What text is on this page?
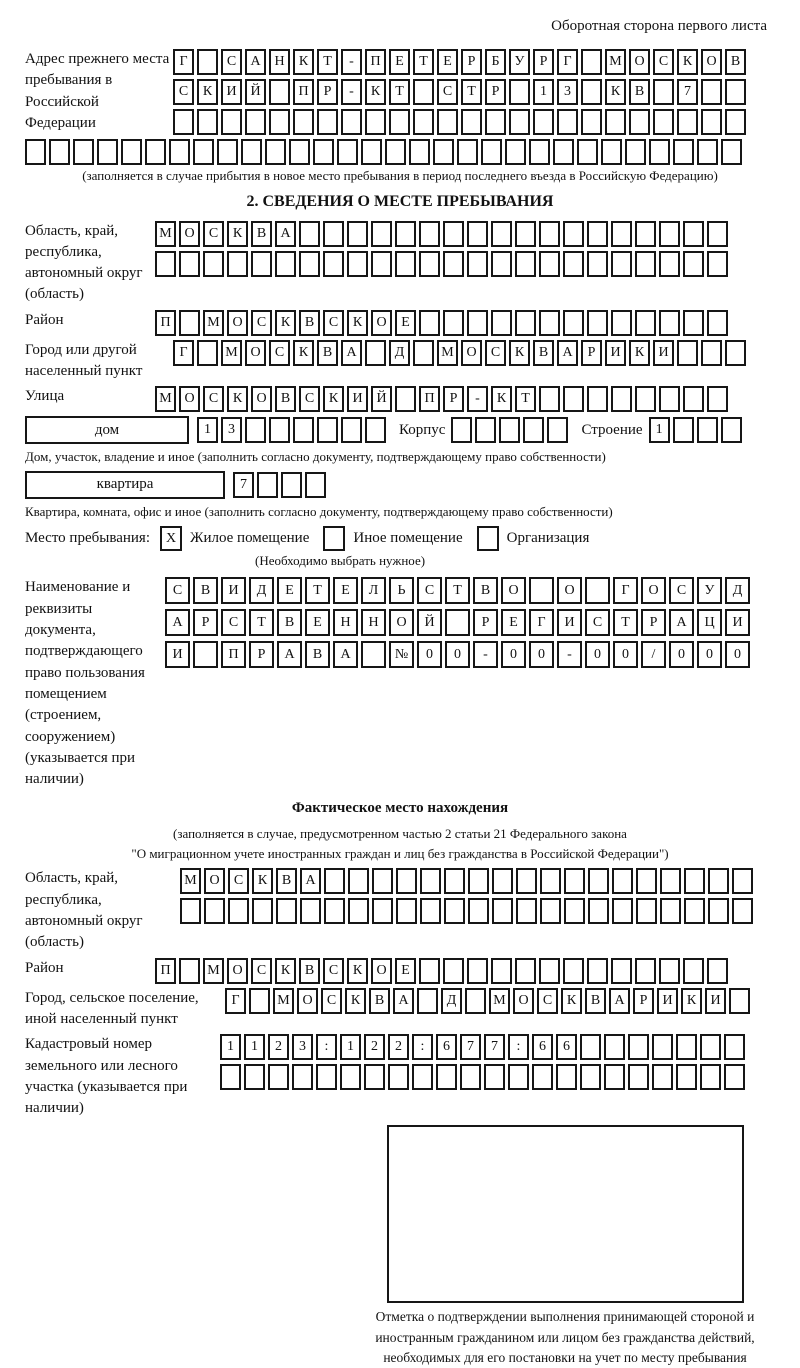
Оборотная сторона первого листа
Адрес прежнего места пребывания в Российской Федерации
Г	С	А Н	К	Т	-	П	Е	Т	Е	Р	Б	У	Р	Г	М О	С	К	О	В
С	К	И Й	П	Р	-	К	Т	С	Т	Р	1	3	К	В	7
(заполняется в случае прибытия в новое место пребывания в период последнего въезда в Российскую Федерацию)
2. СВЕДЕНИЯ О МЕСТЕ ПРЕБЫВАНИЯ
Область, край, республика, автономный округ (область)
М О	С	К	В	А
Район	П	М О	С	К	В	С	К	О	Е
Город или другой населенный пункт
Г	М О	С	К	В	А	Д	М О	С	К	В	А	Р	И	К	И
Улица	М О	С	К	О	В	С	К	И Й	П	Р	-	К	Т
дом	1	3	Корпус	Строение 1
Дом, участок, владение и иное (заполнить согласно документу, подтверждающему право собственности)
квартира	7
Квартира, комната, офис и иное (заполнить согласно документу, подтверждающему право собственности)
Место пребывания:	X Жилое помещение	Иное помещение	Организация
(Необходимо выбрать нужное)
Наименование и реквизиты документа, подтверждающего право пользования помещением (строением, сооружением) (указывается при наличии)
С	В	И	Д	Е	Т	Е	Л	Ь	С	Т	В	О	О	Г	О	С	У	Д
А	Р	С	Т	В	Е	Н	Н	О	Й	Р	Е	Г	И	С	Т	Р	А	Ц	И
И	П	Р	А	В	А	№	0	0	-	0	0	-	0	0	/	0	0	0
Фактическое место нахождения
(заполняется в случае, предусмотренном частью 2 статьи 21 Федерального закона
"О миграционном учете иностранных граждан и лиц без гражданства в Российской Федерации")
Область, край, республика, автономный округ (область)
М О	С	К	В	А
Район	П	М О	С	К	В	С	К	О	Е
Город, сельское поселение, иной населенный пункт
Г	М О	С	К	В	А	Д	М О	С	К	В	А	Р	И	К	И
Кадастровый номер земельного или лесного участка (указывается при наличии)
1	1	2	3	:	1	2	2	:	6	7	7	:	6	6
Отметка о подтверждении выполнения принимающей стороной и иностранным гражданином или лицом без гражданства действий, необходимых для его постановки на учет по месту пребывания
